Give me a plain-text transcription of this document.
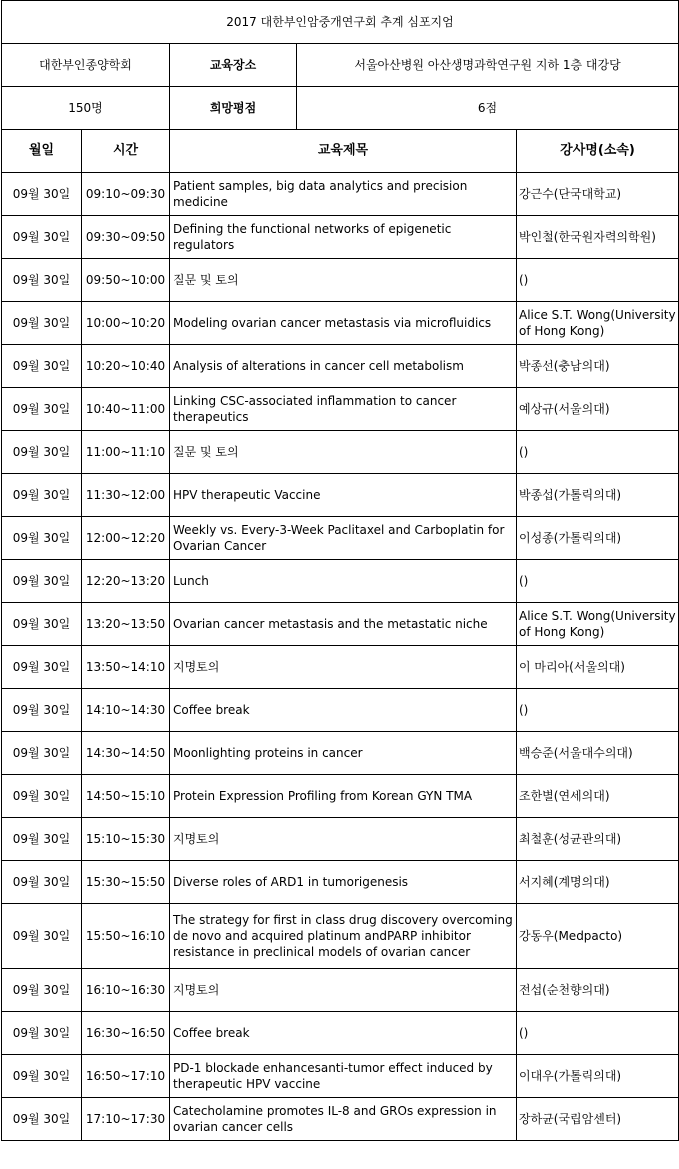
2017 대한부인암중개연구회 추계 심포지엄				
대한부인종양학회		교육장소	서울아산병원 아산생명과학연구원 지하 1층 대강당	
150명		희망평점	6점	
월일	시간	교육제목		강사명(소속)
09월 30일	09:10~09:30	Patient samples, big data analytics and precision medicine		강근수(단국대학교)
09월 30일	09:30~09:50	Defining the functional networks of epigenetic regulators		박인철(한국원자력의학원)
09월 30일	09:50~10:00	질문 및 토의		()
09월 30일	10:00~10:20	Modeling ovarian cancer metastasis via microfluidics		Alice S.T. Wong(University of Hong Kong)
09월 30일	10:20~10:40	Analysis of alterations in cancer cell metabolism		박종선(충남의대)
09월 30일	10:40~11:00	Linking CSC-associated inflammation to cancer therapeutics		예상규(서울의대)
09월 30일	11:00~11:10	질문 및 토의		()
09월 30일	11:30~12:00	HPV therapeutic Vaccine		박종섭(가톨릭의대)
09월 30일	12:00~12:20	Weekly vs. Every-3-Week Paclitaxel and Carboplatin for Ovarian Cancer		이성종(가톨릭의대)
09월 30일	12:20~13:20	Lunch		()
09월 30일	13:20~13:50	Ovarian cancer metastasis and the metastatic niche		Alice S.T. Wong(University of Hong Kong)
09월 30일	13:50~14:10	지명토의		이 마리아(서울의대)
09월 30일	14:10~14:30	Coffee break		()
09월 30일	14:30~14:50	Moonlighting proteins in cancer		백승준(서울대수의대)
09월 30일	14:50~15:10	Protein Expression Profiling from Korean GYN TMA		조한별(연세의대)
09월 30일	15:10~15:30	지명토의		최철훈(성균관의대)
09월 30일	15:30~15:50	Diverse roles of ARD1 in tumorigenesis		서지혜(계명의대)
09월 30일	15:50~16:10	The strategy for first in class drug discovery overcoming de novo and acquired platinum andPARP inhibitor resistance in preclinical models of ovarian cancer		강동우(Medpacto)
09월 30일	16:10~16:30	지명토의		전섭(순천향의대)
09월 30일	16:30~16:50	Coffee break		()
09월 30일	16:50~17:10	PD-1 blockade enhancesanti-tumor effect induced by therapeutic HPV vaccine		이대우(가톨릭의대)
09월 30일	17:10~17:30	Catecholamine promotes IL-8 and GROs expression in ovarian cancer cells		장하균(국립암센터)
